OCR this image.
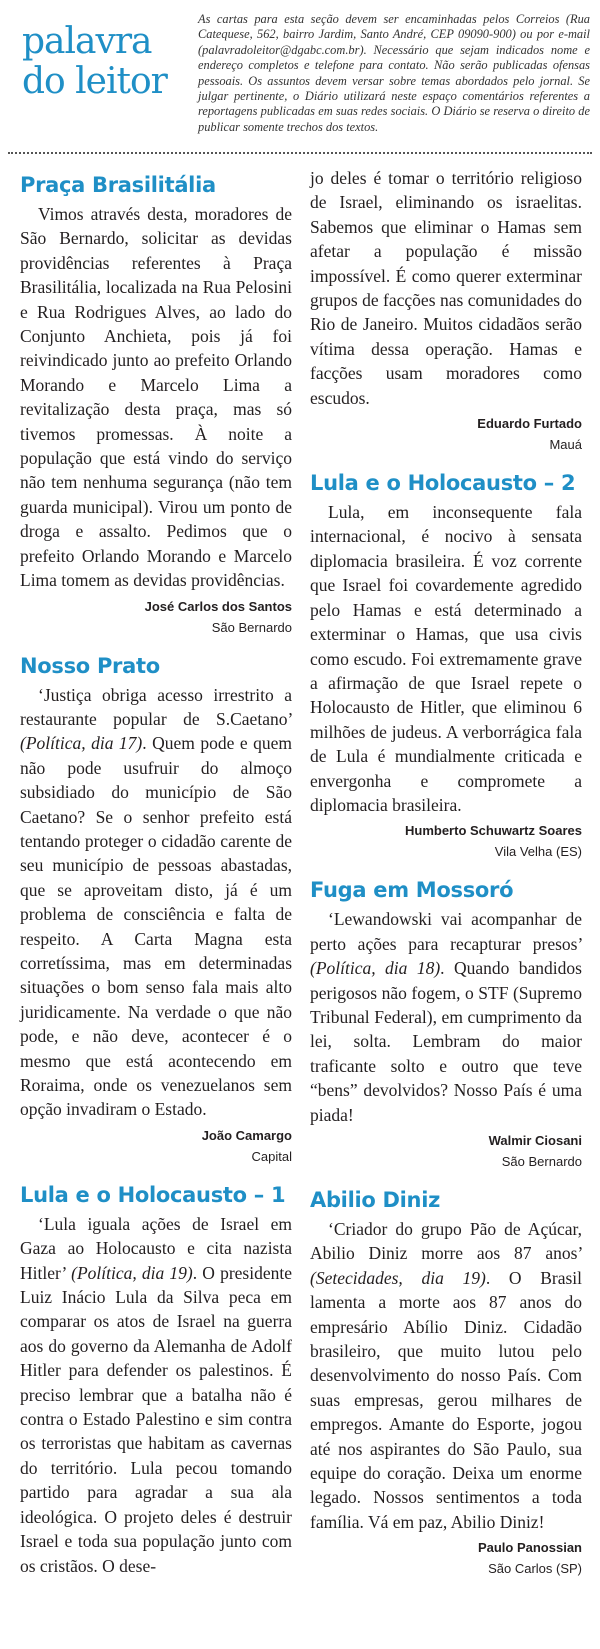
palavra
do leitor
As cartas para esta seção devem ser encaminhadas pelos Correios (Rua Catequese, 562, bairro Jardim, Santo André, CEP 09090-900) ou por e-mail (palavradoleitor@dgabc.com.br). Necessário que sejam indicados nome e endereço completos e telefone para contato. Não serão publicadas ofensas pessoais. Os assuntos devem versar sobre temas abordados pelo jornal. Se julgar pertinente, o Diário utilizará neste espaço comentários referentes a reportagens publicadas em suas redes sociais. O Diário se reserva o direito de publicar somente trechos dos textos.
Praça Brasilitália

Vimos através desta, moradores de São Bernardo, solicitar as devidas providências referentes à Praça Brasilitália, localizada na Rua Pelosini e Rua Rodrigues Alves, ao lado do Conjunto Anchieta, pois já foi reivindicado junto ao prefeito Orlando Morando e Marcelo Lima a revitalização desta praça, mas só tivemos promessas. À noite a população que está vindo do serviço não tem nenhuma segurança (não tem guarda municipal). Virou um ponto de droga e assalto. Pedimos que o prefeito Orlando Morando e Marcelo Lima tomem as devidas providências.

José Carlos dos Santos
São Bernardo
Nosso Prato

‘Justiça obriga acesso irrestrito a restaurante popular de S.Caetano’ (Política, dia 17). Quem pode e quem não pode usufruir do almoço subsidiado do município de São Caetano? Se o senhor prefeito está tentando proteger o cidadão carente de seu município de pessoas abastadas, que se aproveitam disto, já é um problema de consciência e falta de respeito. A Carta Magna esta corretíssima, mas em determinadas situações o bom senso fala mais alto juridicamente. Na verdade o que não pode, e não deve, acontecer é o mesmo que está acontecendo em Roraima, onde os venezuelanos sem opção invadiram o Estado.

João Camargo
Capital
Lula e o Holocausto – 1

‘Lula iguala ações de Israel em Gaza ao Holocausto e cita nazista Hitler’ (Política, dia 19). O presidente Luiz Inácio Lula da Silva peca em comparar os atos de Israel na guerra aos do governo da Alemanha de Adolf Hitler para defender os palestinos. É preciso lembrar que a batalha não é contra o Estado Palestino e sim contra os terroristas que habitam as cavernas do território. Lula pecou tomando partido para agradar a sua ala ideológica. O projeto deles é destruir Israel e toda sua população junto com os cristãos. O dese-

jo deles é tomar o território religioso de Israel, eliminando os israelitas. Sabemos que eliminar o Hamas sem afetar a população é missão impossível. É como querer exterminar grupos de facções nas comunidades do Rio de Janeiro. Muitos cidadãos serão vítima dessa operação. Hamas e facções usam moradores como escudos.

Eduardo Furtado
Mauá
Lula e o Holocausto – 2

Lula, em inconsequente fala internacional, é nocivo à sensata diplomacia brasileira. É voz corrente que Israel foi covardemente agredido pelo Hamas e está determinado a exterminar o Hamas, que usa civis como escudo. Foi extremamente grave a afirmação de que Israel repete o Holocausto de Hitler, que eliminou 6 milhões de judeus. A verborrágica fala de Lula é mundialmente criticada e envergonha e compromete a diplomacia brasileira.

Humberto Schuwartz Soares
Vila Velha (ES)
Fuga em Mossoró

‘Lewandowski vai acompanhar de perto ações para recapturar presos’ (Política, dia 18). Quando bandidos perigosos não fogem, o STF (Supremo Tribunal Federal), em cumprimento da lei, solta. Lembram do maior traficante solto e outro que teve “bens” devolvidos? Nosso País é uma piada!

Walmir Ciosani
São Bernardo
Abilio Diniz

‘Criador do grupo Pão de Açúcar, Abilio Diniz morre aos 87 anos’ (Setecidades, dia 19). O Brasil lamenta a morte aos 87 anos do empresário Abílio Diniz. Cidadão brasileiro, que muito lutou pelo desenvolvimento do nosso País. Com suas empresas, gerou milhares de empregos. Amante do Esporte, jogou até nos aspirantes do São Paulo, sua equipe do coração. Deixa um enorme legado. Nossos sentimentos a toda família. Vá em paz, Abilio Diniz!

Paulo Panossian
São Carlos (SP)
